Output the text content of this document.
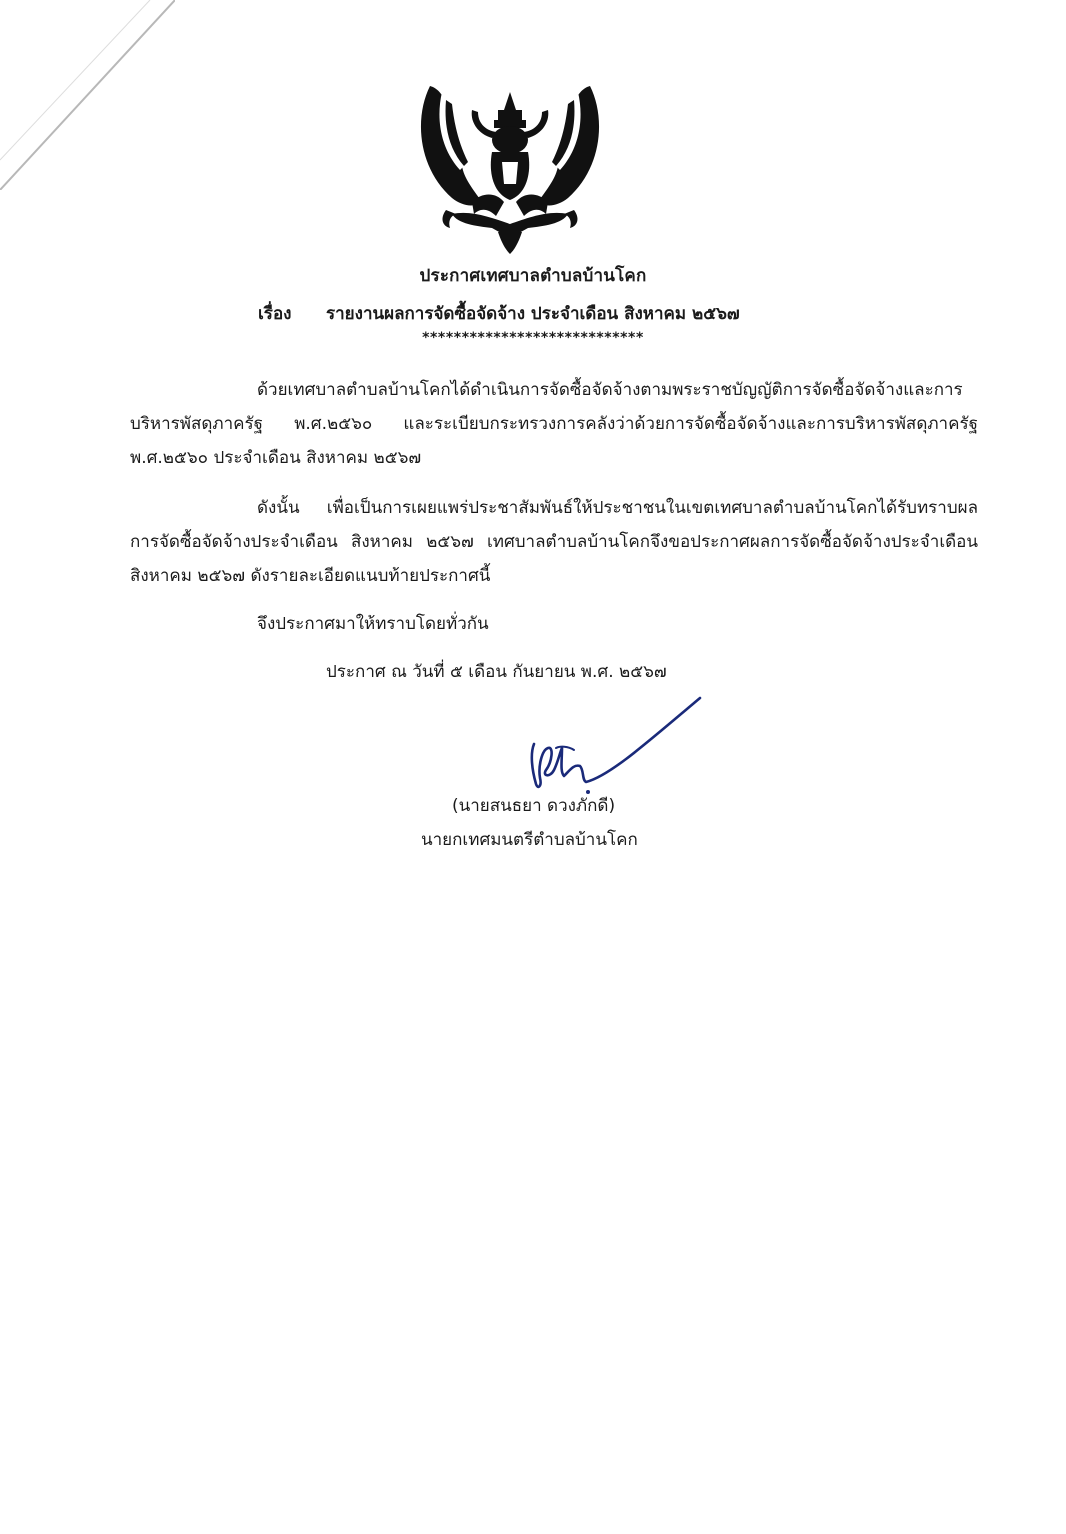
ประกาศเทศบาลตำบลบ้านโคก
เรื่อง รายงานผลการจัดซื้อจัดจ้าง ประจำเดือน สิงหาคม ๒๕๖๗
****************************

ด้วยเทศบาลตำบลบ้านโคกได้ดำเนินการจัดซื้อจัดจ้างตามพระราชบัญญัติการจัดซื้อจัดจ้างและการบริหารพัสดุภาครัฐ พ.ศ.๒๕๖๐ และระเบียบกระทรวงการคลังว่าด้วยการจัดซื้อจัดจ้างและการบริหารพัสดุภาครัฐ พ.ศ.๒๕๖๐ ประจำเดือน สิงหาคม ๒๕๖๗

ดังนั้น เพื่อเป็นการเผยแพร่ประชาสัมพันธ์ให้ประชาชนในเขตเทศบาลตำบลบ้านโคกได้รับทราบผลการจัดซื้อจัดจ้างประจำเดือน สิงหาคม ๒๕๖๗ เทศบาลตำบลบ้านโคกจึงขอประกาศผลการจัดซื้อจัดจ้างประจำเดือน สิงหาคม ๒๕๖๗ ดังรายละเอียดแนบท้ายประกาศนี้

จึงประกาศมาให้ทราบโดยทั่วกัน
ประกาศ ณ วันที่ ๕ เดือน กันยายน พ.ศ. ๒๕๖๗
(นายสนธยา ดวงภักดี)
นายกเทศมนตรีตำบลบ้านโคก
